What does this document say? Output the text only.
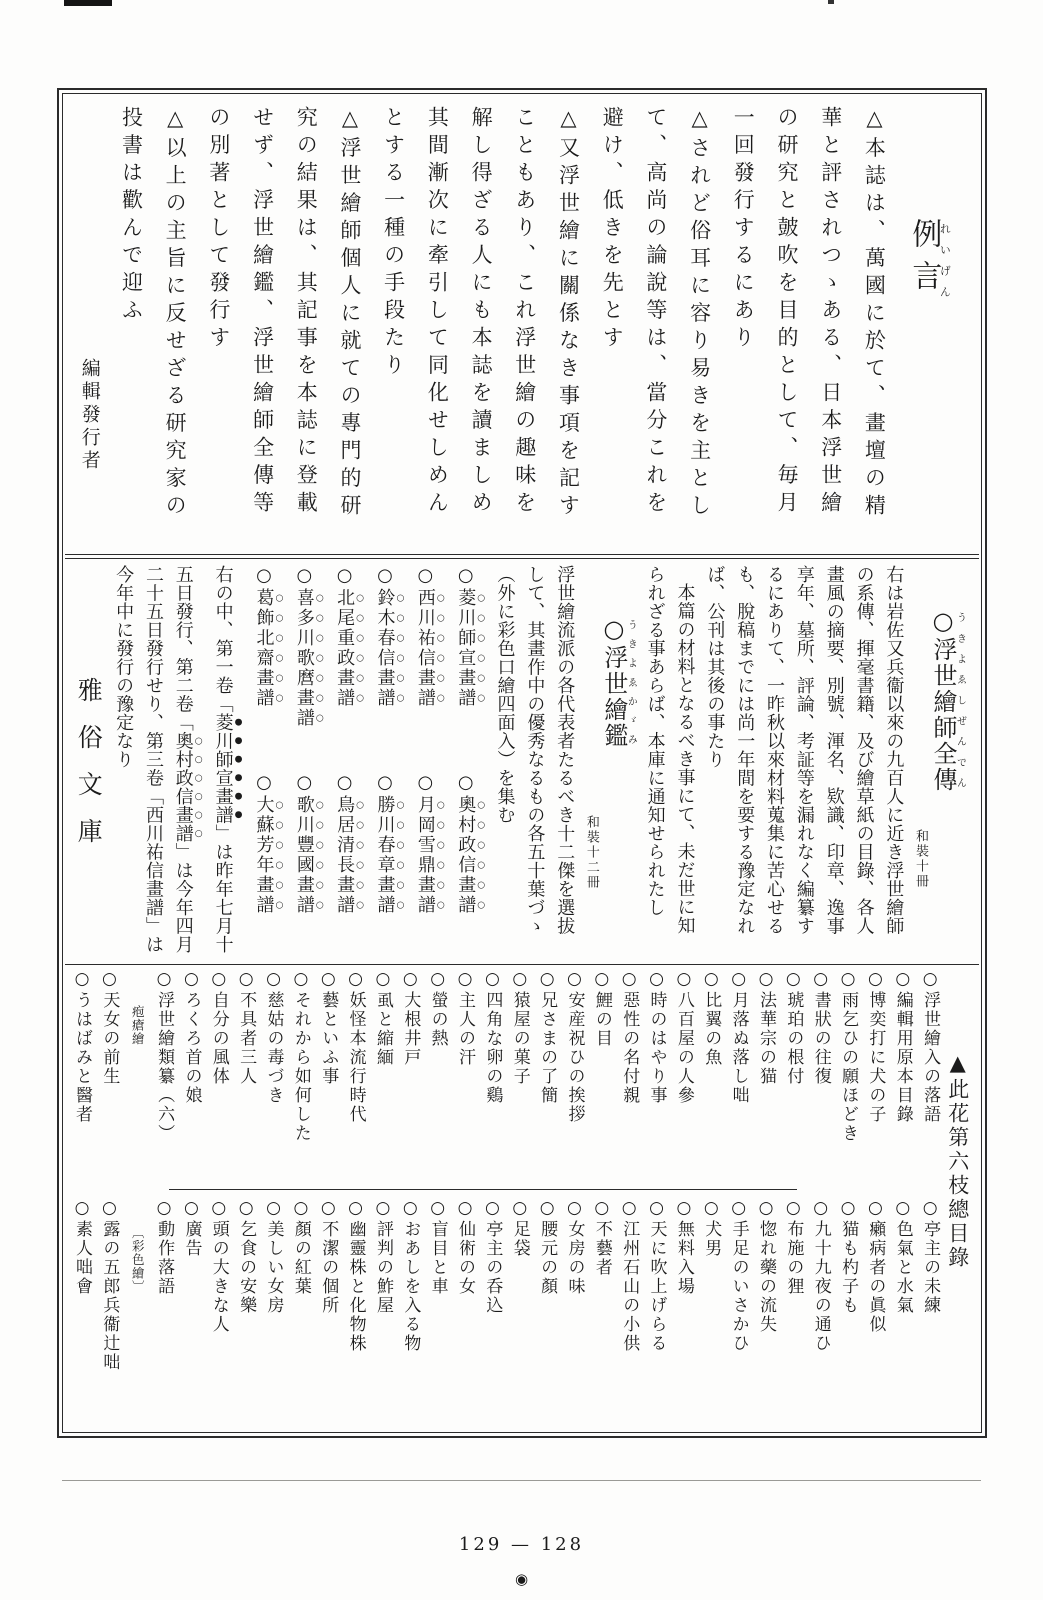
例言れいげん
△本誌は、萬國に於て、畫壇の精
華と評されつゝある、日本浮世繪
の研究と皷吹を目的として、毎月
一回發行するにあり
△されど俗耳に容り易きを主とし
て、高尚の論說等は、當分これを
避け、低きを先とす
△又浮世繪に關係なき事項を記す
こともあり、これ浮世繪の趣味を
解し得ざる人にも本誌を讀ましめ
其間漸次に牽引して同化せしめん
とする一種の手段たり
△浮世繪師個人に就ての專門的研
究の結果は、其記事を本誌に登載
せず、浮世繪鑑、浮世繪師全傳等
の別著として發行す
△以上の主旨に反せざる研究家の
投書は歡んで迎ふ
編輯發行者
○浮世繪師全傳うきよゑしぜんでん
和裝十冊
右は岩佐又兵衞以來の九百人に近き浮世繪師
の系傳、揮毫書籍、及び繪草紙の目錄、各人
畫風の摘要、別號、渾名、欵識、印章、逸事
享年、墓所、評論、考証等を漏れなく編纂す
るにありて、一昨秋以來材料蒐集に苦心せる
も、脫稿までには尚一年間を要する豫定なれ
ば、公刊は其後の事たり
本篇の材料となるべき事にて、未だ世に知
られざる事あらば、本庫に通知せられたし
○浮世繪鑑うきよゑかゞみ
和裝十二冊
浮世繪流派の各代表者たるべき十二傑を選拔
して、其畫作中の優秀なるもの各五十葉づゝ
（外に彩色口繪四面入）を集む
○菱川師宣畫譜
○奧村政信畫譜
○西川祐信畫譜
○月岡雪鼎畫譜
○鈴木春信畫譜
○勝川春章畫譜
○北尾重政畫譜
○鳥居清長畫譜
○喜多川歌麿畫譜
○歌川豐國畫譜
○葛飾北齋畫譜
○大蘇芳年畫譜
右の中、第一卷「菱川師宣畫譜」は昨年七月十
五日發行、第二卷「奧村政信畫譜」は今年四月
二十五日發行せり、第三卷「西川祐信畫譜」は
今年中に發行の豫定なり
雅俗文庫
▲此花第六枝總目錄
○浮世繪入の落語
○亭主の未練
○編輯用原本目錄
○色氣と水氣
○博奕打に犬の子
○癩病者の眞似
○雨乞ひの願ほどき
○猫も杓子も
○書狀の往復
○九十九夜の通ひ
○琥珀の根付
○布施の狸
○法華宗の猫
○惚れ藥の流失
○月落ぬ落し咄
○手足のいさかひ
○比翼の魚
○犬男
○八百屋の人參
○無料入場
○時のはやり事
○天に吹上げらる
○惡性の名付親
○江州石山の小供
○鯉の目
○不藝者
○安産祝ひの挨拶
○女房の味
○兄さまの了簡
○腰元の顏
○猿屋の菓子
○足袋
○四角な卵の鷄
○亭主の呑込
○主人の汗
○仙術の女
○螢の熱
○盲目と車
○大根井戸
○おあしを入る物
○虱と縮緬
○評判の鮓屋
○妖怪本流行時代
○幽靈株と化物株
○藝といふ事
○不潔の個所
○それから如何した
○顏の紅葉
○慈姑の毒づき
○美しい女房
○不具者三人
○乞食の安樂
○自分の風体
○頭の大きな人
○ろくろ首の娘
○廣告
○浮世繪類纂（六）
○動作落語
疱瘡繪
〔彩色繪〕
○天女の前生
○露の五郎兵衞辻咄
○うはばみと醫者
○素人咄會
129 — 128
◉
